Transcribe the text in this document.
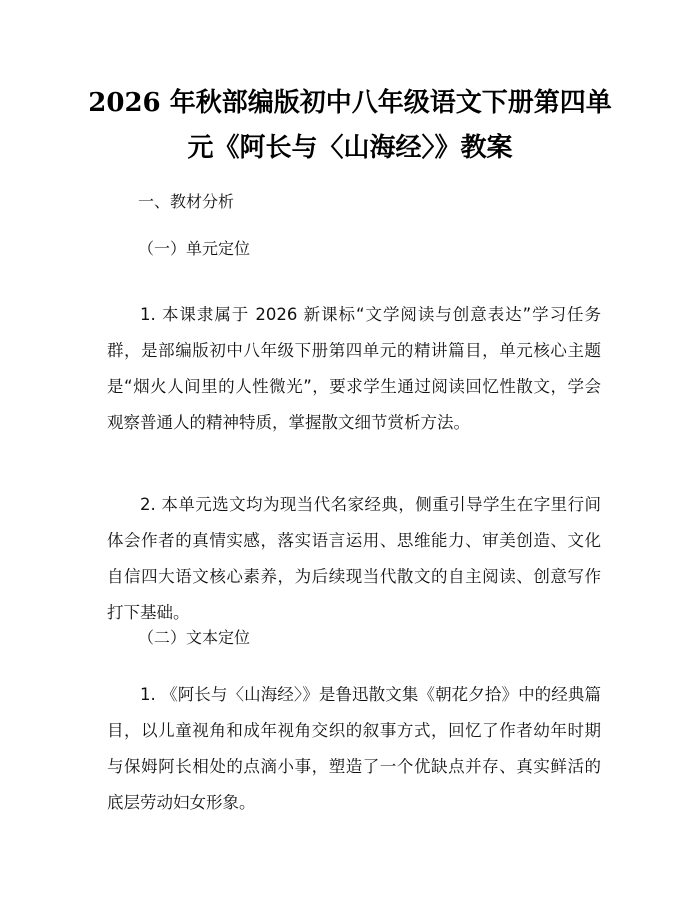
2026 年秋部编版初中八年级语文下册第四单
元《阿长与〈山海经〉》教案
一、教材分析
（一）单元定位

1. 本课隶属于 2026 新课标“文学阅读与创意表达”学习任务群，是部编版初中八年级下册第四单元的精讲篇目，单元核心主题是“烟火人间里的人性微光”，要求学生通过阅读回忆性散文，学会观察普通人的精神特质，掌握散文细节赏析方法。

2. 本单元选文均为现当代名家经典，侧重引导学生在字里行间体会作者的真情实感，落实语言运用、思维能力、审美创造、文化自信四大语文核心素养，为后续现当代散文的自主阅读、创意写作打下基础。

（二）文本定位

1. 《阿长与〈山海经〉》是鲁迅散文集《朝花夕拾》中的经典篇目，以儿童视角和成年视角交织的叙事方式，回忆了作者幼年时期与保姆阿长相处的点滴小事，塑造了一个优缺点并存、真实鲜活的底层劳动妇女形象。
